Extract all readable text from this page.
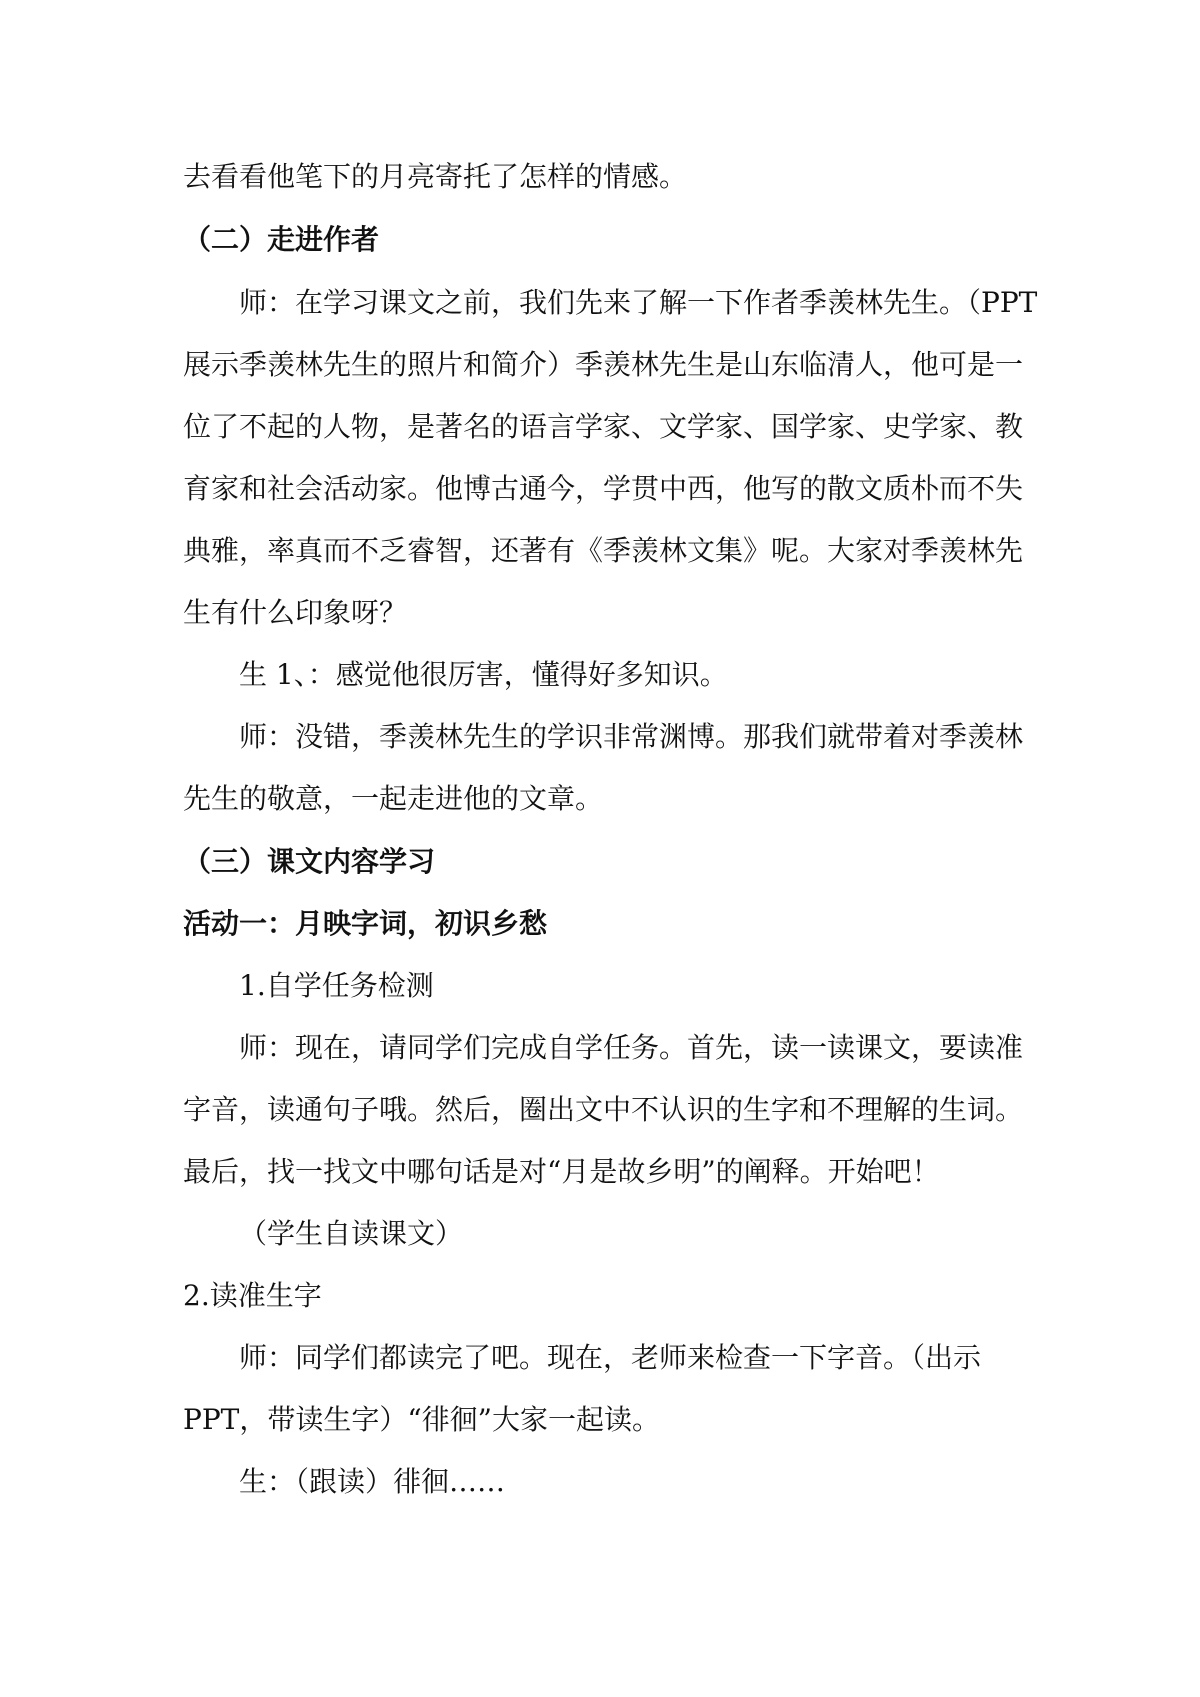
去看看他笔下的月亮寄托了怎样的情感。
（二）走进作者
师：在学习课文之前，我们先来了解一下作者季羡林先生。（PPT
展示季羡林先生的照片和简介）季羡林先生是山东临清人，他可是一
位了不起的人物，是著名的语言学家、文学家、国学家、史学家、教
育家和社会活动家。他博古通今，学贯中西，他写的散文质朴而不失
典雅，率真而不乏睿智，还著有《季羡林文集》呢。大家对季羡林先
生有什么印象呀？
生 1、：感觉他很厉害，懂得好多知识。
师：没错，季羡林先生的学识非常渊博。那我们就带着对季羡林
先生的敬意，一起走进他的文章。
（三）课文内容学习
活动一：月映字词，初识乡愁
1.自学任务检测
师：现在，请同学们完成自学任务。首先，读一读课文，要读准
字音，读通句子哦。然后，圈出文中不认识的生字和不理解的生词。
最后，找一找文中哪句话是对“月是故乡明”的阐释。开始吧！
（学生自读课文）
2.读准生字
师：同学们都读完了吧。现在，老师来检查一下字音。（出示
PPT，带读生字）“徘徊”大家一起读。
生：（跟读）徘徊……
